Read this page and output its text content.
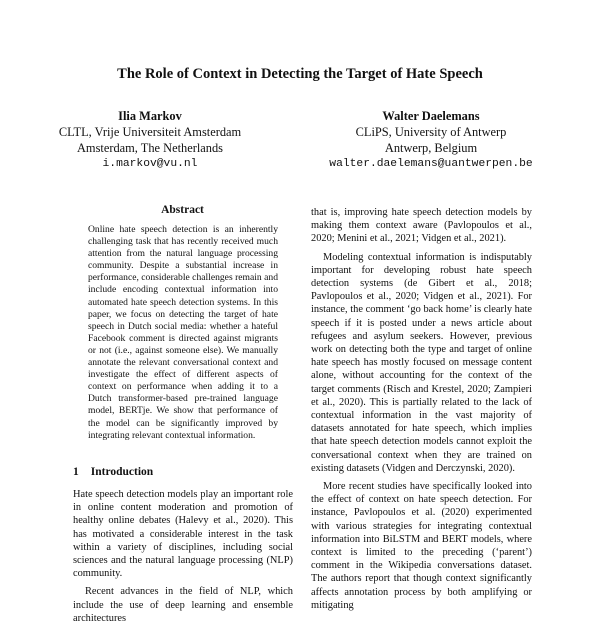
The Role of Context in Detecting the Target of Hate Speech
Ilia Markov
CLTL, Vrije Universiteit Amsterdam
Amsterdam, The Netherlands
i.markov@vu.nl
Walter Daelemans
CLiPS, University of Antwerp
Antwerp, Belgium
walter.daelemans@uantwerpen.be
Abstract

Online hate speech detection is an inherently challenging task that has recently received much attention from the natural language processing community. Despite a substantial increase in performance, considerable challenges remain and include encoding contextual information into automated hate speech detection systems. In this paper, we focus on detecting the target of hate speech in Dutch social media: whether a hateful Facebook comment is directed against migrants or not (i.e., against someone else). We manually annotate the relevant conversational context and investigate the effect of different aspects of context on performance when adding it to a Dutch transformer-based pre-trained language model, BERTje. We show that performance of the model can be significantly improved by integrating relevant contextual information.

1 Introduction

Hate speech detection models play an important role in online content moderation and promotion of healthy online debates (Halevy et al., 2020). This has motivated a considerable interest in the task within a variety of disciplines, including social sciences and the natural language processing (NLP) community.

Recent advances in the field of NLP, which include the use of deep learning and ensemble architectures

that is, improving hate speech detection models by making them context aware (Pavlopoulos et al., 2020; Menini et al., 2021; Vidgen et al., 2021).

Modeling contextual information is indisputably important for developing robust hate speech detection systems (de Gibert et al., 2018; Pavlopoulos et al., 2020; Vidgen et al., 2021). For instance, the comment ‘go back home’ is clearly hate speech if it is posted under a news article about refugees and asylum seekers. However, previous work on detecting both the type and target of online hate speech has mostly focused on message content alone, without accounting for the context of the target comments (Risch and Krestel, 2020; Zampieri et al., 2020). This is partially related to the lack of contextual information in the vast majority of datasets annotated for hate speech, which implies that hate speech detection models cannot exploit the conversational context when they are trained on existing datasets (Vidgen and Derczynski, 2020).

More recent studies have specifically looked into the effect of context on hate speech detection. For instance, Pavlopoulos et al. (2020) experimented with various strategies for integrating contextual information into BiLSTM and BERT models, where context is limited to the preceding (‘parent’) comment in the Wikipedia conversations dataset. The authors report that though context significantly affects annotation process by both amplifying or mitigating
